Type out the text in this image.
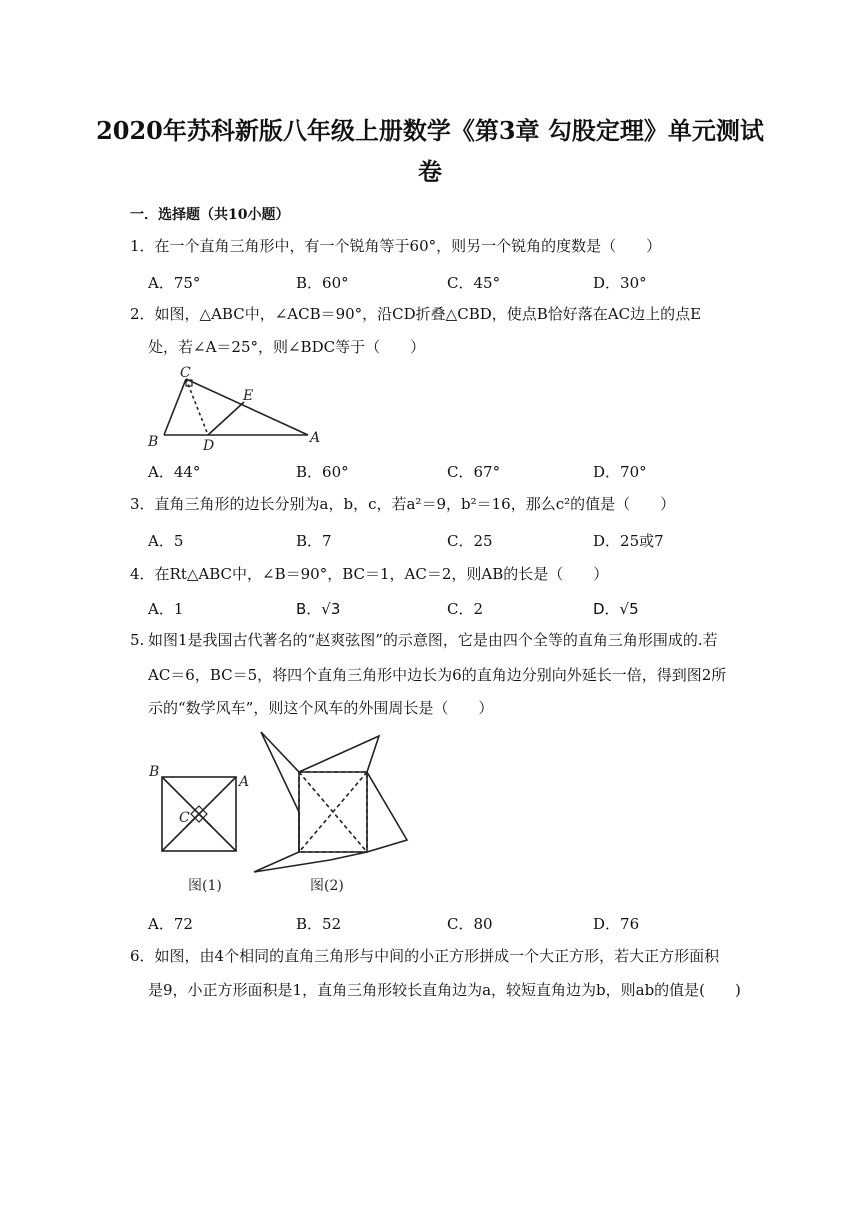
2020年苏科新版八年级上册数学《第3章 勾股定理》单元测试
卷
一．选择题（共10小题）
1．在一个直角三角形中，有一个锐角等于60°，则另一个锐角的度数是（　　）
A．75°	B．60°	C．45°	D．30°
2．如图，△ABC中，∠ACB＝90°，沿CD折叠△CBD，使点B恰好落在AC边上的点E
处，若∠A＝25°，则∠BDC等于（　　）
C
E
B	D	A
A．44°	B．60°	C．67°	D．70°
3．直角三角形的边长分别为a，b，c，若a²＝9，b²＝16，那么c²的值是（　　）
A．5	B．7	C．25	D．25或7
4．在Rt△ABC中，∠B＝90°，BC＝1，AC＝2，则AB的长是（　　）
A．1	B．√3	C．2	D．√5
5. 如图1是我国古代著名的“赵爽弦图”的示意图，它是由四个全等的直角三角形围成的.若
AC＝6，BC＝5，将四个直角三角形中边长为6的直角边分别向外延长一倍，得到图2所
示的“数学风车”，则这个风车的外围周长是（　　）
B
A
C
图(1)	图(2)
A．72	B．52	C．80	D．76
6．如图，由4个相同的直角三角形与中间的小正方形拼成一个大正方形，若大正方形面积
是9，小正方形面积是1，直角三角形较长直角边为a，较短直角边为b，则ab的值是(　　)
